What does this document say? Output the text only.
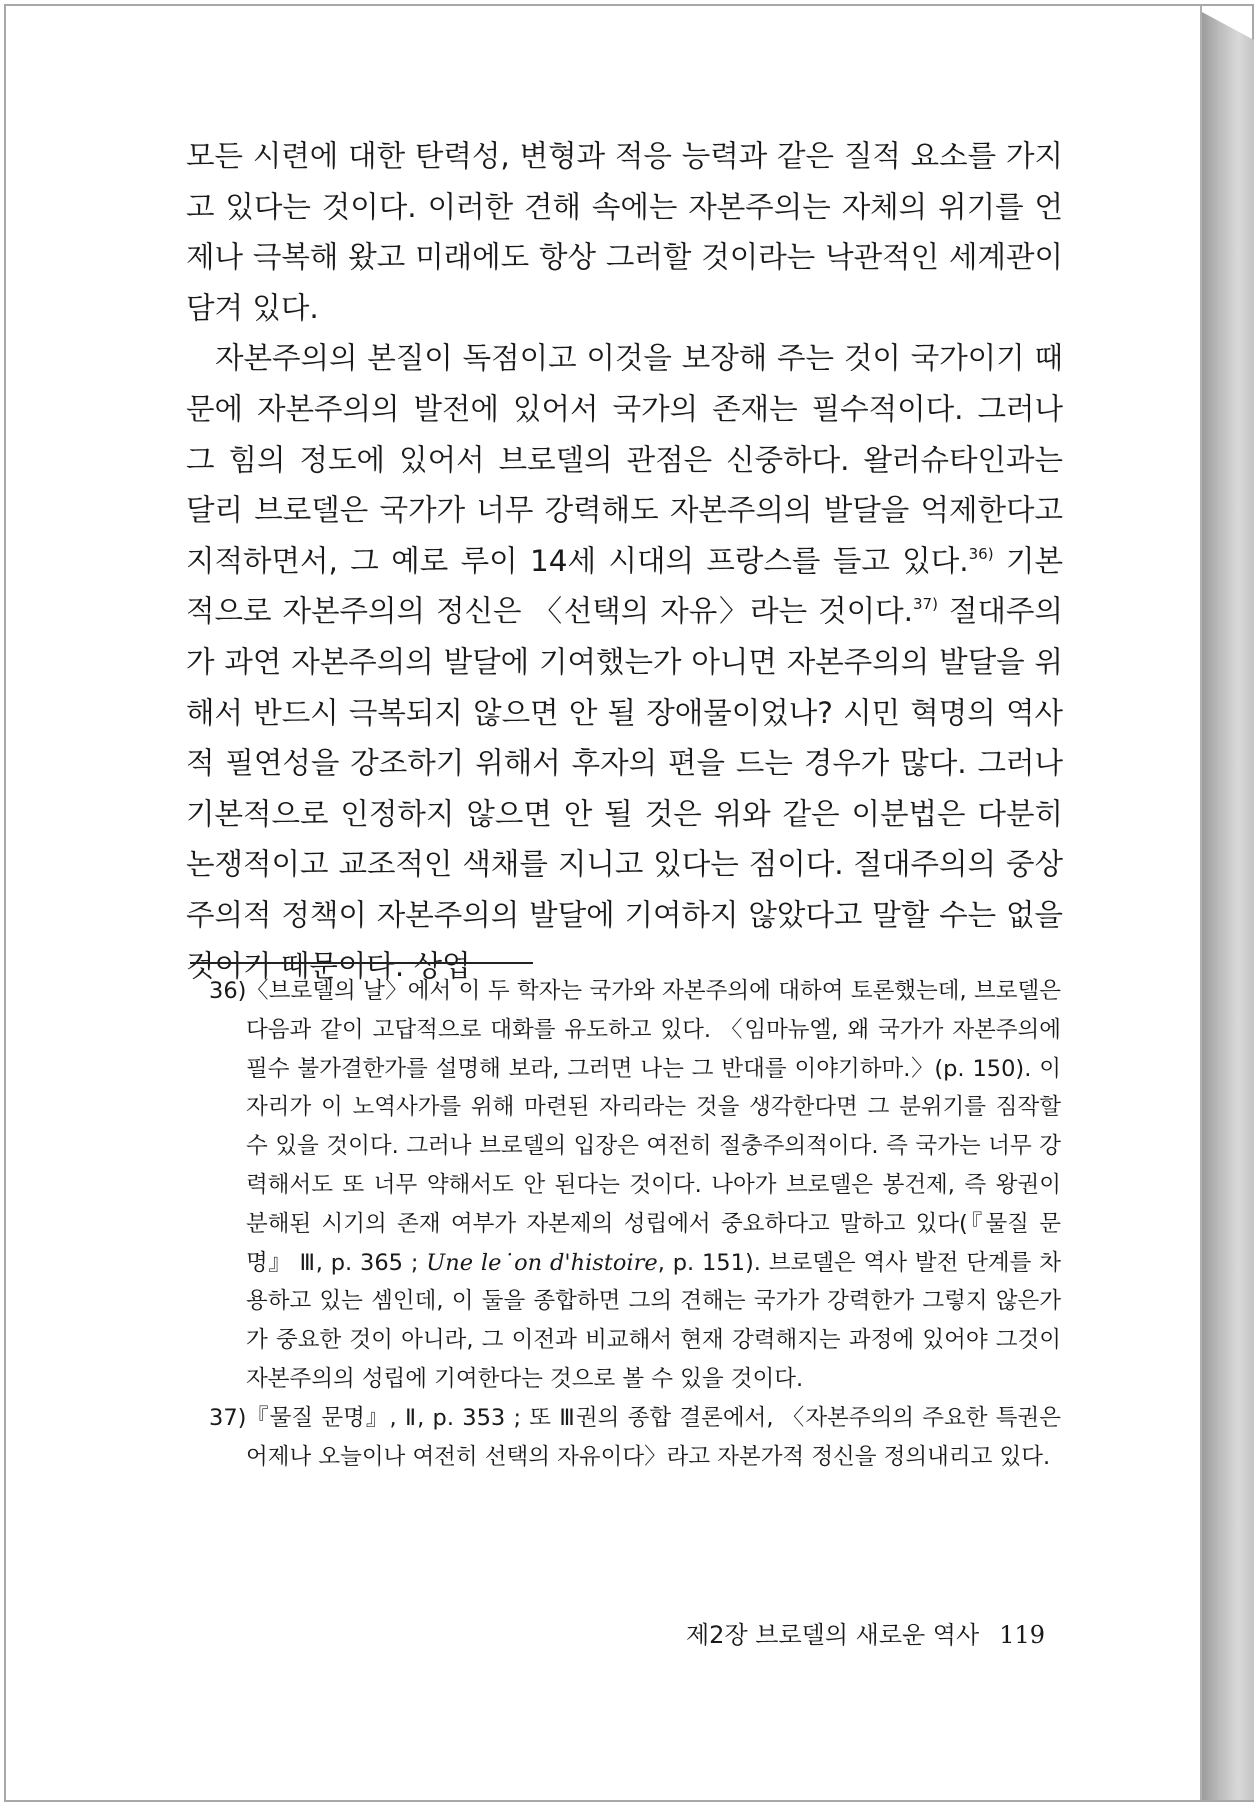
모든 시련에 대한 탄력성, 변형과 적응 능력과 같은 질적 요소를 가지고 있다는 것이다. 이러한 견해 속에는 자본주의는 자체의 위기를 언제나 극복해 왔고 미래에도 항상 그러할 것이라는 낙관적인 세계관이 담겨 있다.

자본주의의 본질이 독점이고 이것을 보장해 주는 것이 국가이기 때문에 자본주의의 발전에 있어서 국가의 존재는 필수적이다. 그러나 그 힘의 정도에 있어서 브로델의 관점은 신중하다. 왈러슈타인과는 달리 브로델은 국가가 너무 강력해도 자본주의의 발달을 억제한다고 지적하면서, 그 예로 루이 14세 시대의 프랑스를 들고 있다.$^{36)}$ 기본적으로 자본주의의 정신은 〈선택의 자유〉라는 것이다.$^{37)}$ 절대주의가 과연 자본주의의 발달에 기여했는가 아니면 자본주의의 발달을 위해서 반드시 극복되지 않으면 안 될 장애물이었나? 시민 혁명의 역사적 필연성을 강조하기 위해서 후자의 편을 드는 경우가 많다. 그러나 기본적으로 인정하지 않으면 안 될 것은 위와 같은 이분법은 다분히 논쟁적이고 교조적인 색채를 지니고 있다는 점이다. 절대주의의 중상주의적 정책이 자본주의의 발달에 기여하지 않았다고 말할 수는 없을 것이기 때문이다. 상업

36) 〈브로델의 날〉에서 이 두 학자는 국가와 자본주의에 대하여 토론했는데, 브로델은 다음과 같이 고답적으로 대화를 유도하고 있다. 〈임마뉴엘, 왜 국가가 자본주의에 필수 불가결한가를 설명해 보라, 그러면 나는 그 반대를 이야기하마.〉(p. 150). 이 자리가 이 노역사가를 위해 마련된 자리라는 것을 생각한다면 그 분위기를 짐작할 수 있을 것이다. 그러나 브로델의 입장은 여전히 절충주의적이다. 즉 국가는 너무 강력해서도 또 너무 약해서도 안 된다는 것이다. 나아가 브로델은 봉건제, 즉 왕권이 분해된 시기의 존재 여부가 자본제의 성립에서 중요하다고 말하고 있다(『물질 문명』 Ⅲ, p. 365 ; Une le˙on d'histoire, p. 151). 브로델은 역사 발전 단계를 차용하고 있는 셈인데, 이 둘을 종합하면 그의 견해는 국가가 강력한가 그렇지 않은가가 중요한 것이 아니라, 그 이전과 비교해서 현재 강력해지는 과정에 있어야 그것이 자본주의의 성립에 기여한다는 것으로 볼 수 있을 것이다.

37) 『물질 문명』, Ⅱ, p. 353 ; 또 Ⅲ권의 종합 결론에서, 〈자본주의의 주요한 특권은 어제나 오늘이나 여전히 선택의 자유이다〉라고 자본가적 정신을 정의내리고 있다.

제2장 브로델의 새로운 역사 119
